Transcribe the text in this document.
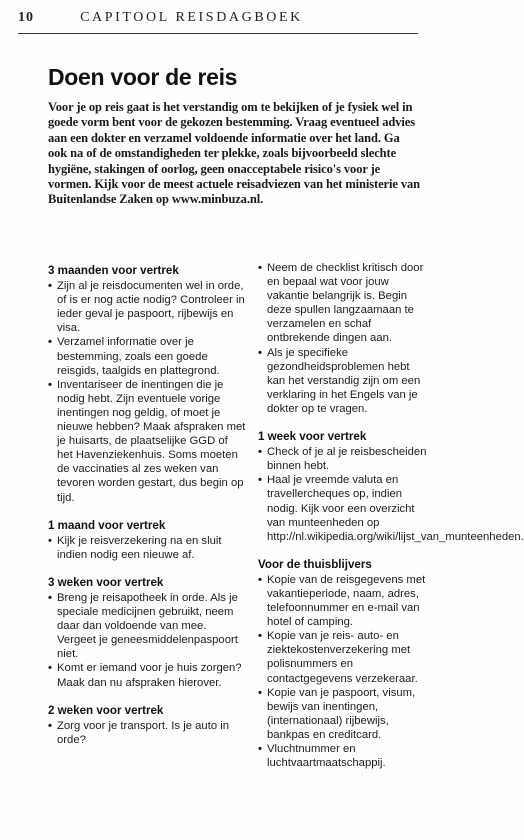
10	CAPITOOL REISDAGBOEK
Doen voor de reis

Voor je op reis gaat is het verstandig om te bekijken of je fysiek wel in goede vorm bent voor de gekozen bestemming. Vraag eventueel advies aan een dokter en verzamel voldoende informatie over het land. Ga ook na of de omstandigheden ter plekke, zoals bijvoorbeeld slechte hygiëne, stakingen of oorlog, geen onacceptabele risico's voor je vormen. Kijk voor de meest actuele reisadviezen van het ministerie van Buitenlandse Zaken op www.minbuza.nl.

3 maanden voor vertrek
• Zijn al je reisdocumenten wel in orde, of is er nog actie nodig? Controleer in ieder geval je paspoort, rijbewijs en visa.
• Verzamel informatie over je bestemming, zoals een goede reisgids, taalgids en plattegrond.
• Inventariseer de inentingen die je nodig hebt. Zijn eventuele vorige inentingen nog geldig, of moet je nieuwe hebben? Maak afspraken met je huisarts, de plaatselijke GGD of het Havenziekenhuis. Soms moeten de vaccinaties al zes weken van tevoren worden gestart, dus begin op tijd.
1 maand voor vertrek
• Kijk je reisverzekering na en sluit indien nodig een nieuwe af.
3 weken voor vertrek
• Breng je reisapotheek in orde. Als je speciale medicijnen gebruikt, neem daar dan voldoende van mee. Vergeet je geneesmiddelenpaspoort niet.
• Komt er iemand voor je huis zorgen? Maak dan nu afspraken hierover.
2 weken voor vertrek
• Zorg voor je transport. Is je auto in orde?
• Neem de checklist kritisch door en bepaal wat voor jouw vakantie belangrijk is. Begin deze spullen langzaamaan te verzamelen en schaf ontbrekende dingen aan.
• Als je specifieke gezondheidsproblemen hebt kan het verstandig zijn om een verklaring in het Engels van je dokter op te vragen.
1 week voor vertrek
• Check of je al je reisbescheiden binnen hebt.
• Haal je vreemde valuta en travellercheques op, indien nodig. Kijk voor een overzicht van munteenheden op http://nl.wikipedia.org/wiki/lijst_van_munteenheden.
Voor de thuisblijvers
• Kopie van de reisgegevens met vakantieperiode, naam, adres, telefoonnummer en e-mail van hotel of camping.
• Kopie van je reis- auto- en ziektekostenverzekering met polisnummers en contactgegevens verzekeraar.
• Kopie van je paspoort, visum, bewijs van inentingen, (internationaal) rijbewijs, bankpas en creditcard.
• Vluchtnummer en luchtvaartmaatschappij.
